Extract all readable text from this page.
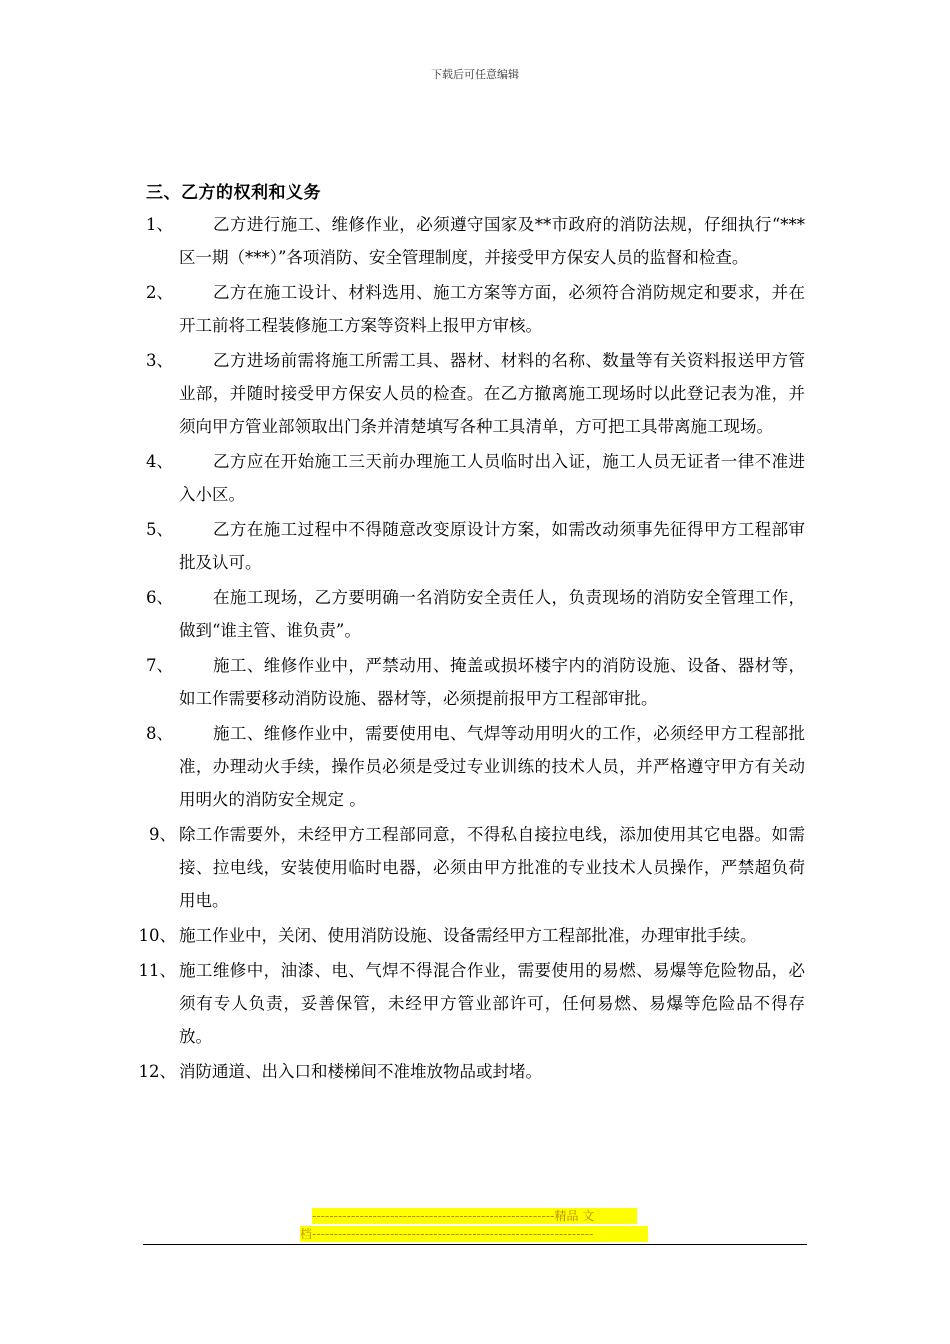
下载后可任意编辑
三、乙方的权利和义务
1、	乙方进行施工、维修作业，必须遵守国家及**市政府的消防法规，仔细执行“***区一期（***）”各项消防、安全管理制度，并接受甲方保安人员的监督和检查。
2、	乙方在施工设计、材料选用、施工方案等方面，必须符合消防规定和要求，并在开工前将工程装修施工方案等资料上报甲方审核。
3、	乙方进场前需将施工所需工具、器材、材料的名称、数量等有关资料报送甲方管业部，并随时接受甲方保安人员的检查。在乙方撤离施工现场时以此登记表为准，并须向甲方管业部领取出门条并清楚填写各种工具清单，方可把工具带离施工现场。
4、	乙方应在开始施工三天前办理施工人员临时出入证，施工人员无证者一律不准进入小区。
5、	乙方在施工过程中不得随意改变原设计方案，如需改动须事先征得甲方工程部审批及认可。
6、	在施工现场，乙方要明确一名消防安全责任人，负责现场的消防安全管理工作，做到“谁主管、谁负责”。
7、	施工、维修作业中，严禁动用、掩盖或损坏楼宇内的消防设施、设备、器材等，如工作需要移动消防设施、器材等，必须提前报甲方工程部审批。
8、	施工、维修作业中，需要使用电、气焊等动用明火的工作，必须经甲方工程部批准，办理动火手续，操作员必须是受过专业训练的技术人员，并严格遵守甲方有关动用明火的消防安全规定 。
9、 除工作需要外，未经甲方工程部同意，不得私自接拉电线，添加使用其它电器。如需接、拉电线，安装使用临时电器，必须由甲方批准的专业技术人员操作，严禁超负荷用电。
10、 施工作业中，关闭、使用消防设施、设备需经甲方工程部批准，办理审批手续。
11、 施工维修中，油漆、电、气焊不得混合作业，需要使用的易燃、易爆等危险物品，必须有专人负责，妥善保管，未经甲方管业部许可，任何易燃、易爆等危险品不得存放。
12、 消防通道、出入口和楼梯间不准堆放物品或封堵。
--------------------------------------------------------精品 文
档-----------------------------------------------------------------
